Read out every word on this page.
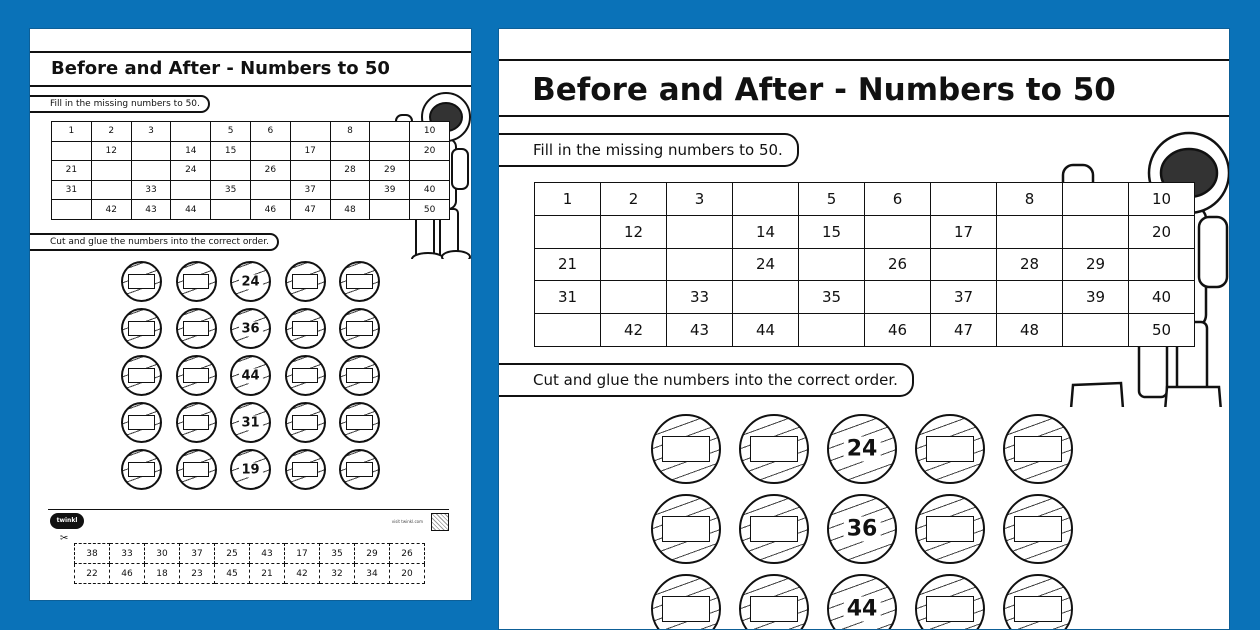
Before and After - Numbers to 50
Fill in the missing numbers to 50.
1	2	3		5	6		8		10
	12		14	15		17			20
21			24		26		28	29	
31		33		35		37		39	40
	42	43	44		46	47	48		50
Cut and glue the numbers into the correct order.
24
36
44
31
19
twinkl	visit twinkl.com
✂
38	33	30	37	25	43	17	35	29	26
22	46	18	23	45	21	42	32	34	20
Before and After - Numbers to 50
Fill in the missing numbers to 50.
1	2	3		5	6		8		10
	12		14	15		17			20
21			24		26		28	29	
31		33		35		37		39	40
	42	43	44		46	47	48		50
Cut and glue the numbers into the correct order.
24
36
44
